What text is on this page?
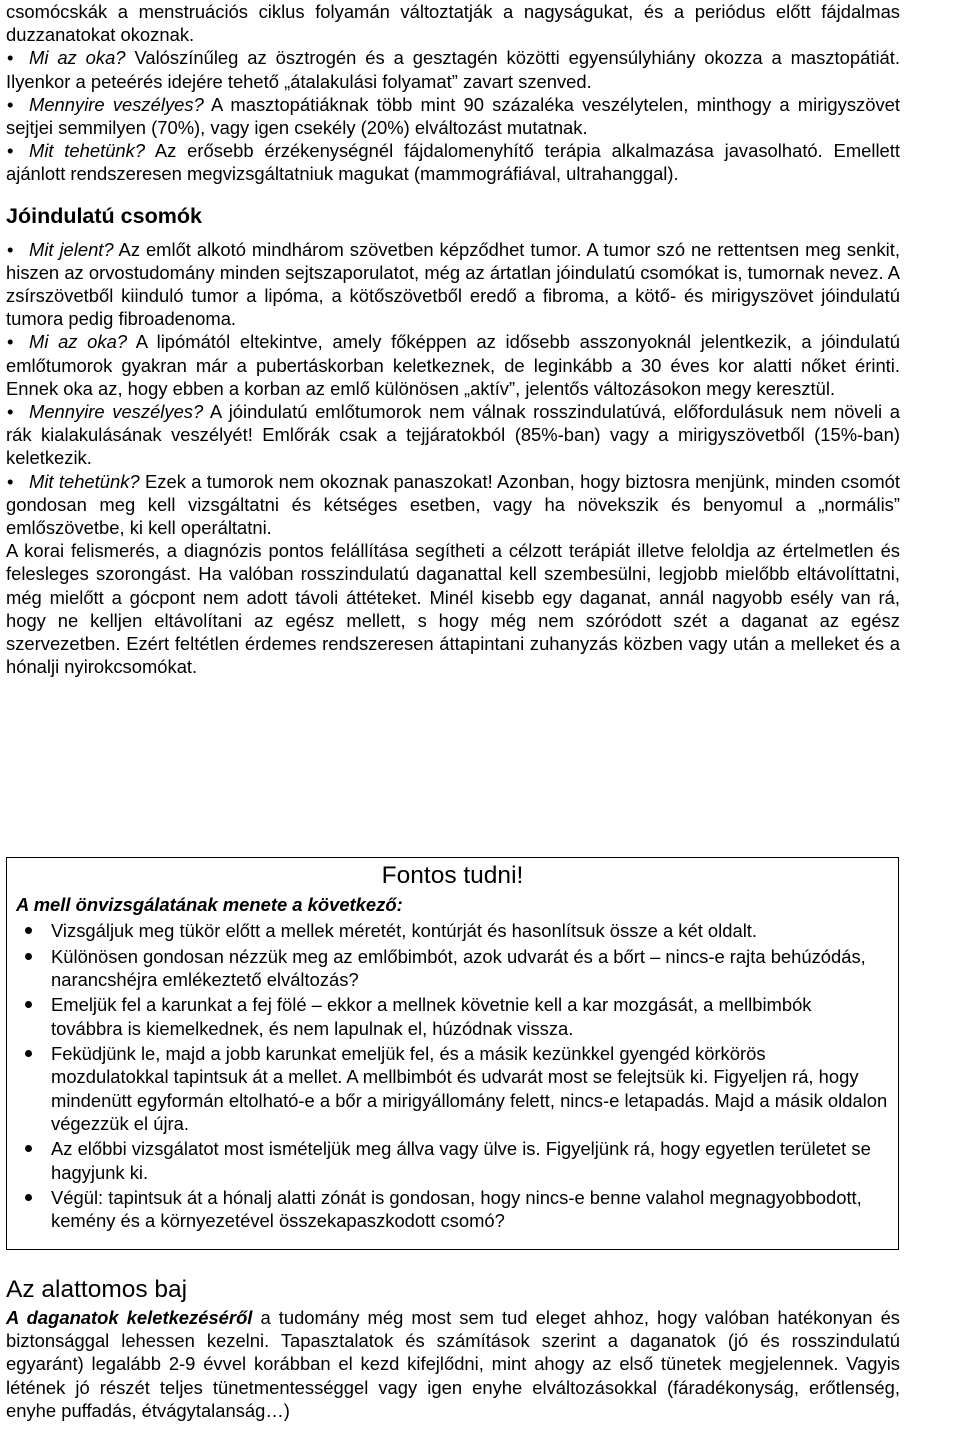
csomócskák a menstruációs ciklus folyamán változtatják a nagyságukat, és a periódus előtt fájdalmas duzzanatokat okoznak.

• Mi az oka? Valószínűleg az ösztrogén és a gesztagén közötti egyensúlyhiány okozza a masztopátiát. Ilyenkor a peteérés idejére tehető „átalakulási folyamat” zavart szenved.

• Mennyire veszélyes? A masztopátiáknak több mint 90 százaléka veszélytelen, minthogy a mirigyszövet sejtjei semmilyen (70%), vagy igen csekély (20%) elváltozást mutatnak.

• Mit tehetünk? Az erősebb érzékenységnél fájdalomenyhítő terápia alkalmazása javasolható. Emellett ajánlott rendszeresen megvizsgáltatniuk magukat (mammográfiával, ultrahanggal).

Jóindulatú csomók

• Mit jelent? Az emlőt alkotó mindhárom szövetben képződhet tumor. A tumor szó ne rettentsen meg senkit, hiszen az orvostudomány minden sejtszaporulatot, még az ártatlan jóindulatú csomókat is, tumornak nevez. A zsírszövetből kiinduló tumor a lipóma, a kötőszövetből eredő a fibroma, a kötő- és mirigyszövet jóindulatú tumora pedig fibroadenoma.

• Mi az oka? A lipómától eltekintve, amely főképpen az idősebb asszonyoknál jelentkezik, a jóindulatú emlőtumorok gyakran már a pubertáskorban keletkeznek, de leginkább a 30 éves kor alatti nőket érinti. Ennek oka az, hogy ebben a korban az emlő különösen „aktív”, jelentős változásokon megy keresztül.

• Mennyire veszélyes? A jóindulatú emlőtumorok nem válnak rosszindulatúvá, előfordulásuk nem növeli a rák kialakulásának veszélyét! Emlőrák csak a tejjáratokból (85%-ban) vagy a mirigyszövetből (15%-ban) keletkezik.

• Mit tehetünk? Ezek a tumorok nem okoznak panaszokat! Azonban, hogy biztosra menjünk, minden csomót gondosan meg kell vizsgáltatni és kétséges esetben, vagy ha növekszik és benyomul a „normális” emlőszövetbe, ki kell operáltatni.

A korai felismerés, a diagnózis pontos felállítása segítheti a célzott terápiát illetve feloldja az értelmetlen és felesleges szorongást. Ha valóban rosszindulatú daganattal kell szembesülni, legjobb mielőbb eltávolíttatni, még mielőtt a gócpont nem adott távoli áttéteket. Minél kisebb egy daganat, annál nagyobb esély van rá, hogy ne kelljen eltávolítani az egész mellett, s hogy még nem szóródott szét a daganat az egész szervezetben. Ezért feltétlen érdemes rendszeresen áttapintani zuhanyzás közben vagy után a melleket és a hónalji nyirokcsomókat.

Fontos tudni!
A mell önvizsgálatának menete a következő:
Vizsgáljuk meg tükör előtt a mellek méretét, kontúrját és hasonlítsuk össze a két oldalt.
Különösen gondosan nézzük meg az emlőbimbót, azok udvarát és a bőrt – nincs-e rajta behúzódás, narancshéjra emlékeztető elváltozás?
Emeljük fel a karunkat a fej fölé – ekkor a mellnek követnie kell a kar mozgását, a mellbimbók továbbra is kiemelkednek, és nem lapulnak el, húzódnak vissza.
Feküdjünk le, majd a jobb karunkat emeljük fel, és a másik kezünkkel gyengéd körkörös mozdulatokkal tapintsuk át a mellet. A mellbimbót és udvarát most se felejtsük ki. Figyeljen rá, hogy mindenütt egyformán eltolható-e a bőr a mirigyállomány felett, nincs-e letapadás. Majd a másik oldalon végezzük el újra.
Az előbbi vizsgálatot most ismételjük meg állva vagy ülve is. Figyeljünk rá, hogy egyetlen területet se hagyjunk ki.
Végül: tapintsuk át a hónalj alatti zónát is gondosan, hogy nincs-e benne valahol megnagyobbodott, kemény és a környezetével összekapaszkodott csomó?
Az alattomos baj

A daganatok keletkezéséről a tudomány még most sem tud eleget ahhoz, hogy valóban hatékonyan és biztonsággal lehessen kezelni. Tapasztalatok és számítások szerint a daganatok (jó és rosszindulatú egyaránt) legalább 2-9 évvel korábban el kezd kifejlődni, mint ahogy az első tünetek megjelennek. Vagyis létének jó részét teljes tünetmentességgel vagy igen enyhe elváltozásokkal (fáradékonyság, erőtlenség, enyhe puffadás, étvágytalanság…)
